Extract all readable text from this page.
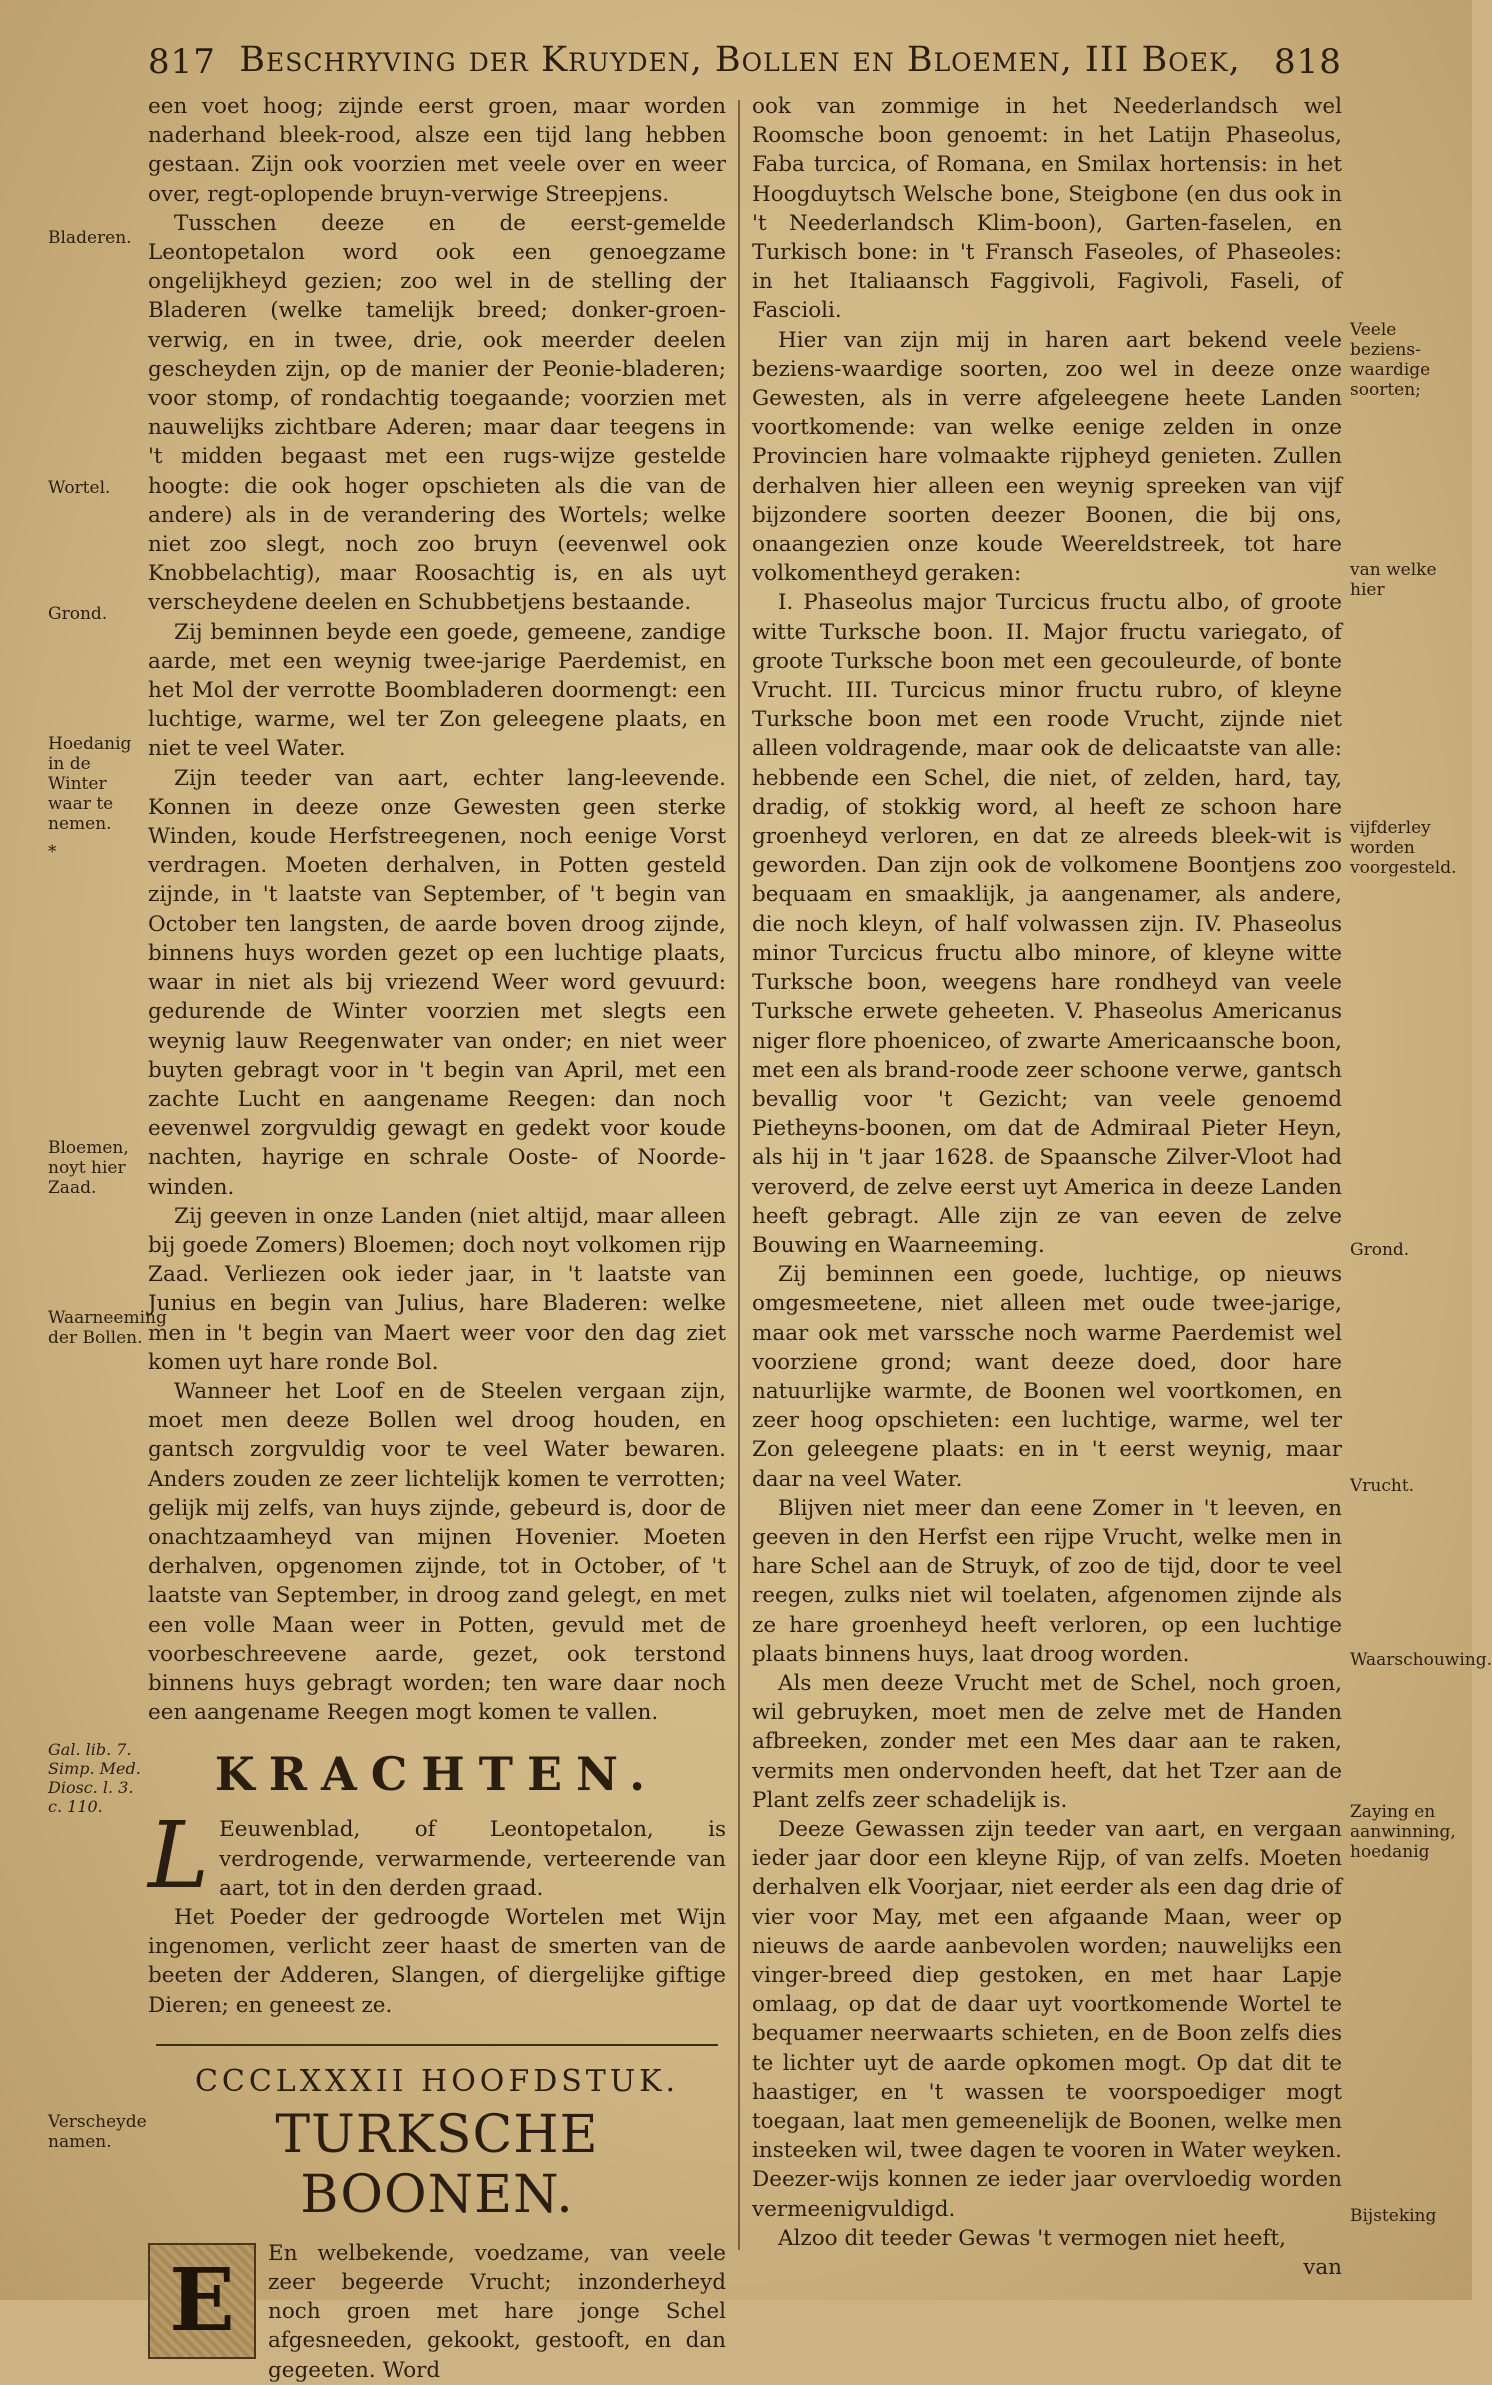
817 Beschryving der Kruyden, Bollen en Bloemen, III Boek, 818

een voet hoog; zijnde eerst groen, maar worden naderhand bleek-rood, alsze een tijd lang hebben gestaan. Zijn ook voorzien met veele over en weer over, regt-oplopende bruyn-verwige Streepjens.

Tusschen deeze en de eerst-gemelde Leontopetalon word ook een genoegzame ongelijkheyd gezien; zoo wel in de stelling der Bladeren (welke tamelijk breed; donker-groen-verwig, en in twee, drie, ook meerder deelen gescheyden zijn, op de manier der Peonie-bladeren; voor stomp, of rondachtig toegaande; voorzien met nauwelijks zichtbare Aderen; maar daar teegens in 't midden begaast met een rugs-wijze gestelde hoogte: die ook hoger opschieten als die van de andere) als in de verandering des Wortels; welke niet zoo slegt, noch zoo bruyn (eevenwel ook Knobbelachtig), maar Roosachtig is, en als uyt verscheydene deelen en Schubbetjens bestaande.

Zij beminnen beyde een goede, gemeene, zandige aarde, met een weynig twee-jarige Paerdemist, en het Mol der verrotte Boombladeren doormengt: een luchtige, warme, wel ter Zon geleegene plaats, en niet te veel Water.

Zijn teeder van aart, echter lang-leevende. Konnen in deeze onze Gewesten geen sterke Winden, koude Herfstreegenen, noch eenige Vorst verdragen. Moeten derhalven, in Potten gesteld zijnde, in 't laatste van September, of 't begin van October ten langsten, de aarde boven droog zijnde, binnens huys worden gezet op een luchtige plaats, waar in niet als bij vriezend Weer word gevuurd: gedurende de Winter voorzien met slegts een weynig lauw Reegenwater van onder; en niet weer buyten gebragt voor in 't begin van April, met een zachte Lucht en aangename Reegen: dan noch eevenwel zorgvuldig gewagt en gedekt voor koude nachten, hayrige en schrale Ooste- of Noorde-winden.

Zij geeven in onze Landen (niet altijd, maar alleen bij goede Zomers) Bloemen; doch noyt volkomen rijp Zaad. Verliezen ook ieder jaar, in 't laatste van Junius en begin van Julius, hare Bladeren: welke men in 't begin van Maert weer voor den dag ziet komen uyt hare ronde Bol.

Wanneer het Loof en de Steelen vergaan zijn, moet men deeze Bollen wel droog houden, en gantsch zorgvuldig voor te veel Water bewaren. Anders zouden ze zeer lichtelijk komen te verrotten; gelijk mij zelfs, van huys zijnde, gebeurd is, door de onachtzaamheyd van mijnen Hovenier. Moeten derhalven, opgenomen zijnde, tot in October, of 't laatste van September, in droog zand gelegt, en met een volle Maan weer in Potten, gevuld met de voorbeschreevene aarde, gezet, ook terstond binnens huys gebragt worden; ten ware daar noch een aangename Reegen mogt komen te vallen.

KRACHTEN.
L Eeuwenblad, of Leontopetalon, is verdrogende, verwarmende, verteerende van aart, tot in den derden graad.

Het Poeder der gedroogde Wortelen met Wijn ingenomen, verlicht zeer haast de smerten van de beeten der Adderen, Slangen, of diergelijke giftige Dieren; en geneest ze.

CCCLXXXII HOOFDSTUK.
TURKSCHE BOONEN.
E	En welbekende, voedzame, van veele zeer begeerde Vrucht; inzonderheyd noch groen met hare jonge Schel afgesneeden, gekookt, gestooft, en dan gegeeten. Word

ook van zommige in het Neederlandsch wel Roomsche boon genoemt: in het Latijn Phaseolus, Faba turcica, of Romana, en Smilax hortensis: in het Hoogduytsch Welsche bone, Steigbone (en dus ook in 't Neederlandsch Klim-boon), Garten-faselen, en Turkisch bone: in 't Fransch Faseoles, of Phaseoles: in het Italiaansch Faggivoli, Fagivoli, Faseli, of Fascioli.

Hier van zijn mij in haren aart bekend veele beziens-waardige soorten, zoo wel in deeze onze Gewesten, als in verre afgeleegene heete Landen voortkomende: van welke eenige zelden in onze Provincien hare volmaakte rijpheyd genieten. Zullen derhalven hier alleen een weynig spreeken van vijf bijzondere soorten deezer Boonen, die bij ons, onaangezien onze koude Weereldstreek, tot hare volkomentheyd geraken:

I. Phaseolus major Turcicus fructu albo, of groote witte Turksche boon. II. Major fructu variegato, of groote Turksche boon met een gecouleurde, of bonte Vrucht. III. Turcicus minor fructu rubro, of kleyne Turksche boon met een roode Vrucht, zijnde niet alleen voldragende, maar ook de delicaatste van alle: hebbende een Schel, die niet, of zelden, hard, tay, dradig, of stokkig word, al heeft ze schoon hare groenheyd verloren, en dat ze alreeds bleek-wit is geworden. Dan zijn ook de volkomene Boontjens zoo bequaam en smaaklijk, ja aangenamer, als andere, die noch kleyn, of half volwassen zijn. IV. Phaseolus minor Turcicus fructu albo minore, of kleyne witte Turksche boon, weegens hare rondheyd van veele Turksche erwete geheeten. V. Phaseolus Americanus niger flore phoeniceo, of zwarte Americaansche boon, met een als brand-roode zeer schoone verwe, gantsch bevallig voor 't Gezicht; van veele genoemd Pietheyns-boonen, om dat de Admiraal Pieter Heyn, als hij in 't jaar 1628. de Spaansche Zilver-Vloot had veroverd, de zelve eerst uyt America in deeze Landen heeft gebragt. Alle zijn ze van eeven de zelve Bouwing en Waarneeming.

Zij beminnen een goede, luchtige, op nieuws omgesmeetene, niet alleen met oude twee-jarige, maar ook met varssche noch warme Paerdemist wel voorziene grond; want deeze doed, door hare natuurlijke warmte, de Boonen wel voortkomen, en zeer hoog opschieten: een luchtige, warme, wel ter Zon geleegene plaats: en in 't eerst weynig, maar daar na veel Water.

Blijven niet meer dan eene Zomer in 't leeven, en geeven in den Herfst een rijpe Vrucht, welke men in hare Schel aan de Struyk, of zoo de tijd, door te veel reegen, zulks niet wil toelaten, afgenomen zijnde als ze hare groenheyd heeft verloren, op een luchtige plaats binnens huys, laat droog worden.

Als men deeze Vrucht met de Schel, noch groen, wil gebruyken, moet men de zelve met de Handen afbreeken, zonder met een Mes daar aan te raken, vermits men ondervonden heeft, dat het Tzer aan de Plant zelfs zeer schadelijk is.

Deeze Gewassen zijn teeder van aart, en vergaan ieder jaar door een kleyne Rijp, of van zelfs. Moeten derhalven elk Voorjaar, niet eerder als een dag drie of vier voor May, met een afgaande Maan, weer op nieuws de aarde aanbevolen worden; nauwelijks een vinger-breed diep gestoken, en met haar Lapje omlaag, op dat de daar uyt voortkomende Wortel te bequamer neerwaarts schieten, en de Boon zelfs dies te lichter uyt de aarde opkomen mogt. Op dat dit te haastiger, en 't wassen te voorspoediger mogt toegaan, laat men gemeenelijk de Boonen, welke men insteeken wil, twee dagen te vooren in Water weyken. Deezer-wijs konnen ze ieder jaar overvloedig worden vermeenigvuldigd.

Alzoo dit teeder Gewas 't vermogen niet heeft,

van

Bladeren.
Wortel.
Grond.
Hoedanig in de Winter waar te nemen.
*
Bloemen, noyt hier Zaad.
Waarneeming der Bollen.
Gal. lib. 7. Simp. Med. Diosc. l. 3. c. 110.
Verscheyde namen.
Veele beziens-waardige soorten;
van welke hier
vijfderley worden voorgesteld.
Grond.
Vrucht.
Waarschouwing.
Zaying en aanwinning, hoedanig
Bijsteking
